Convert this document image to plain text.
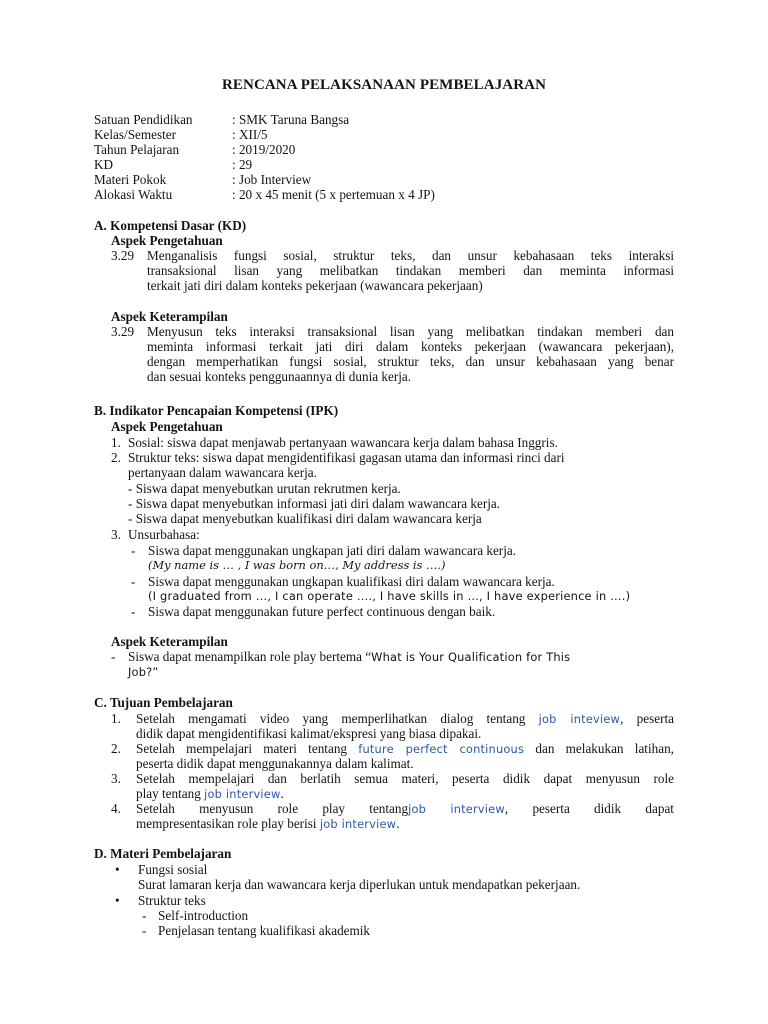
RENCANA PELAKSANAAN PEMBELAJARAN
Satuan Pendidikan	: SMK Taruna Bangsa
Kelas/Semester	: XII/5
Tahun Pelajaran	: 2019/2020
KD	: 29
Materi Pokok	: Job Interview
Alokasi Waktu	: 20 x 45 menit (5 x pertemuan x 4 JP)
A. Kompetensi Dasar (KD)
Aspek Pengetahuan
3.29 Menganalisis fungsi sosial, struktur teks, dan unsur kebahasaan teks interaksi
transaksional lisan yang melibatkan tindakan memberi dan meminta informasi
terkait jati diri dalam konteks pekerjaan (wawancara pekerjaan)
Aspek Keterampilan
3.29 Menyusun teks interaksi transaksional lisan yang melibatkan tindakan memberi dan
meminta informasi terkait jati diri dalam konteks pekerjaan (wawancara pekerjaan),
dengan memperhatikan fungsi sosial, struktur teks, dan unsur kebahasaan yang benar
dan sesuai konteks penggunaannya di dunia kerja.
B. Indikator Pencapaian Kompetensi (IPK)
Aspek Pengetahuan
1. Sosial: siswa dapat menjawab pertanyaan wawancara kerja dalam bahasa Inggris.
2. Struktur teks: siswa dapat mengidentifikasi gagasan utama dan informasi rinci dari
pertanyaan dalam wawancara kerja.
- Siswa dapat menyebutkan urutan rekrutmen kerja.
- Siswa dapat menyebutkan informasi jati diri dalam wawancara kerja.
- Siswa dapat menyebutkan kualifikasi diri dalam wawancara kerja
3. Unsurbahasa:
- Siswa dapat menggunakan ungkapan jati diri dalam wawancara kerja.
(My name is … , I was born on…, My address is ….)
- Siswa dapat menggunakan ungkapan kualifikasi diri dalam wawancara kerja.
(I graduated from …, I can operate …., I have skills in …, I have experience in ….)
- Siswa dapat menggunakan future perfect continuous dengan baik.
Aspek Keterampilan
- Siswa dapat menampilkan role play bertema “What is Your Qualification for This
Job?”
C. Tujuan Pembelajaran
1. Setelah mengamati video yang memperlihatkan dialog tentang job inteview, peserta
didik dapat mengidentifikasi kalimat/ekspresi yang biasa dipakai.
2. Setelah mempelajari materi tentang future perfect continuous dan melakukan latihan,
peserta didik dapat menggunakannya dalam kalimat.
3. Setelah mempelajari dan berlatih semua materi, peserta didik dapat menyusun role
play tentang job interview.
4. Setelah menyusun role play tentangjob interview, peserta didik dapat
mempresentasikan role play berisi job interview.
D. Materi Pembelajaran
• Fungsi sosial
Surat lamaran kerja dan wawancara kerja diperlukan untuk mendapatkan pekerjaan.
• Struktur teks
- Self-introduction
- Penjelasan tentang kualifikasi akademik
